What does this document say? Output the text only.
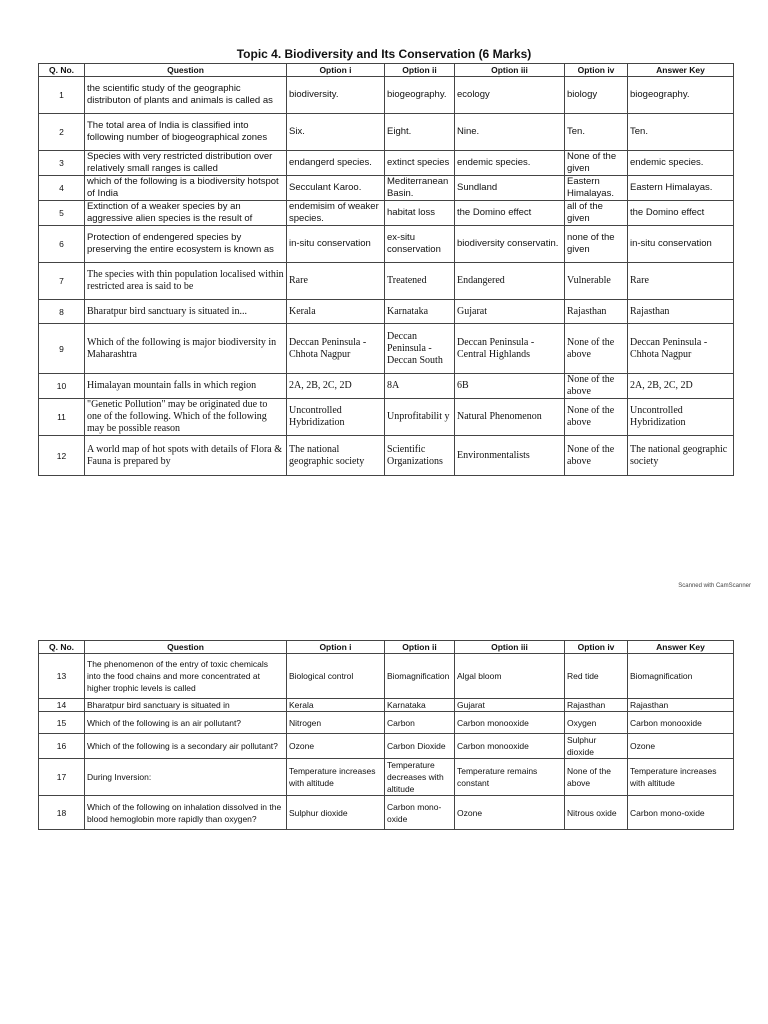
Topic 4. Biodiversity and Its Conservation (6 Marks)
Q. No.	Question	Option i	Option ii	Option iii	Option iv	Answer Key
1	the scientific study of the geographic distributon of plants and animals is called as	biodiversity.	biogeography.	ecology	biology	biogeography.
2	The total area of India is classified into following number of biogeographical zones	Six.	Eight.	Nine.	Ten.	Ten.
3	Species with very restricted distribution over relatively small ranges is called	endangerd species.	extinct species	endemic species.	None of the given	endemic species.
4	which of the following is a biodiversity hotspot of India	Secculant Karoo.	Mediterranean Basin.	Sundland	Eastern Himalayas.	Eastern Himalayas.
5	Extinction of a weaker species by an aggressive alien species is the result of	endemisim of weaker species.	habitat loss	the Domino effect	all of the given	the Domino effect
6	Protection of endengered species by preserving the entire ecosystem is known as	in-situ conservation	ex-situ conservation	biodiversity conservatin.	none of the given	in-situ conservation
7	The species with thin population localised within restricted area is said to be	Rare	Treatened	Endangered	Vulnerable	Rare
8	Bharatpur bird sanctuary is situated in...	Kerala	Karnataka	Gujarat	Rajasthan	Rajasthan
9	Which of the following is major biodiversity in Maharashtra	Deccan Peninsula - Chhota Nagpur	Deccan Peninsula - Deccan South	Deccan Peninsula - Central Highlands	None of the above	Deccan Peninsula - Chhota Nagpur
10	Himalayan mountain falls in which region	2A, 2B, 2C, 2D	8A	6B	None of the above	2A, 2B, 2C, 2D
11	"Genetic Pollution" may be originated due to one of the following. Which of the following may be possible reason	Uncontrolled Hybridization	Unprofitabilit y	Natural Phenomenon	None of the above	Uncontrolled Hybridization
12	A world map of hot spots with details of Flora & Fauna is prepared by	The national geographic society	Scientific Organizations	Environmentalists	None of the above	The national geographic society
Scanned with CamScanner
Q. No.	Question	Option i	Option ii	Option iii	Option iv	Answer Key
13	The phenomenon of the entry of toxic chemicals into the food chains and more concentrated at higher trophic levels is called	Biological control	Biomagnification	Algal bloom	Red tide	Biomagnification
14	Bharatpur bird sanctuary is situated in	Kerala	Karnataka	Gujarat	Rajasthan	Rajasthan
15	Which of the following is an air pollutant?	Nitrogen	Carbon	Carbon monooxide	Oxygen	Carbon monooxide
16	Which of the following is a secondary air pollutant?	Ozone	Carbon Dioxide	Carbon monooxide	Sulphur dioxide	Ozone
17	During Inversion:	Temperature increases with altitude	Temperature decreases with altitude	Temperature remains constant	None of the above	Temperature increases with altitude
18	Which of the following on inhalation dissolved in the blood hemoglobin more rapidly than oxygen?	Sulphur dioxide	Carbon mono-oxide	Ozone	Nitrous oxide	Carbon mono-oxide
